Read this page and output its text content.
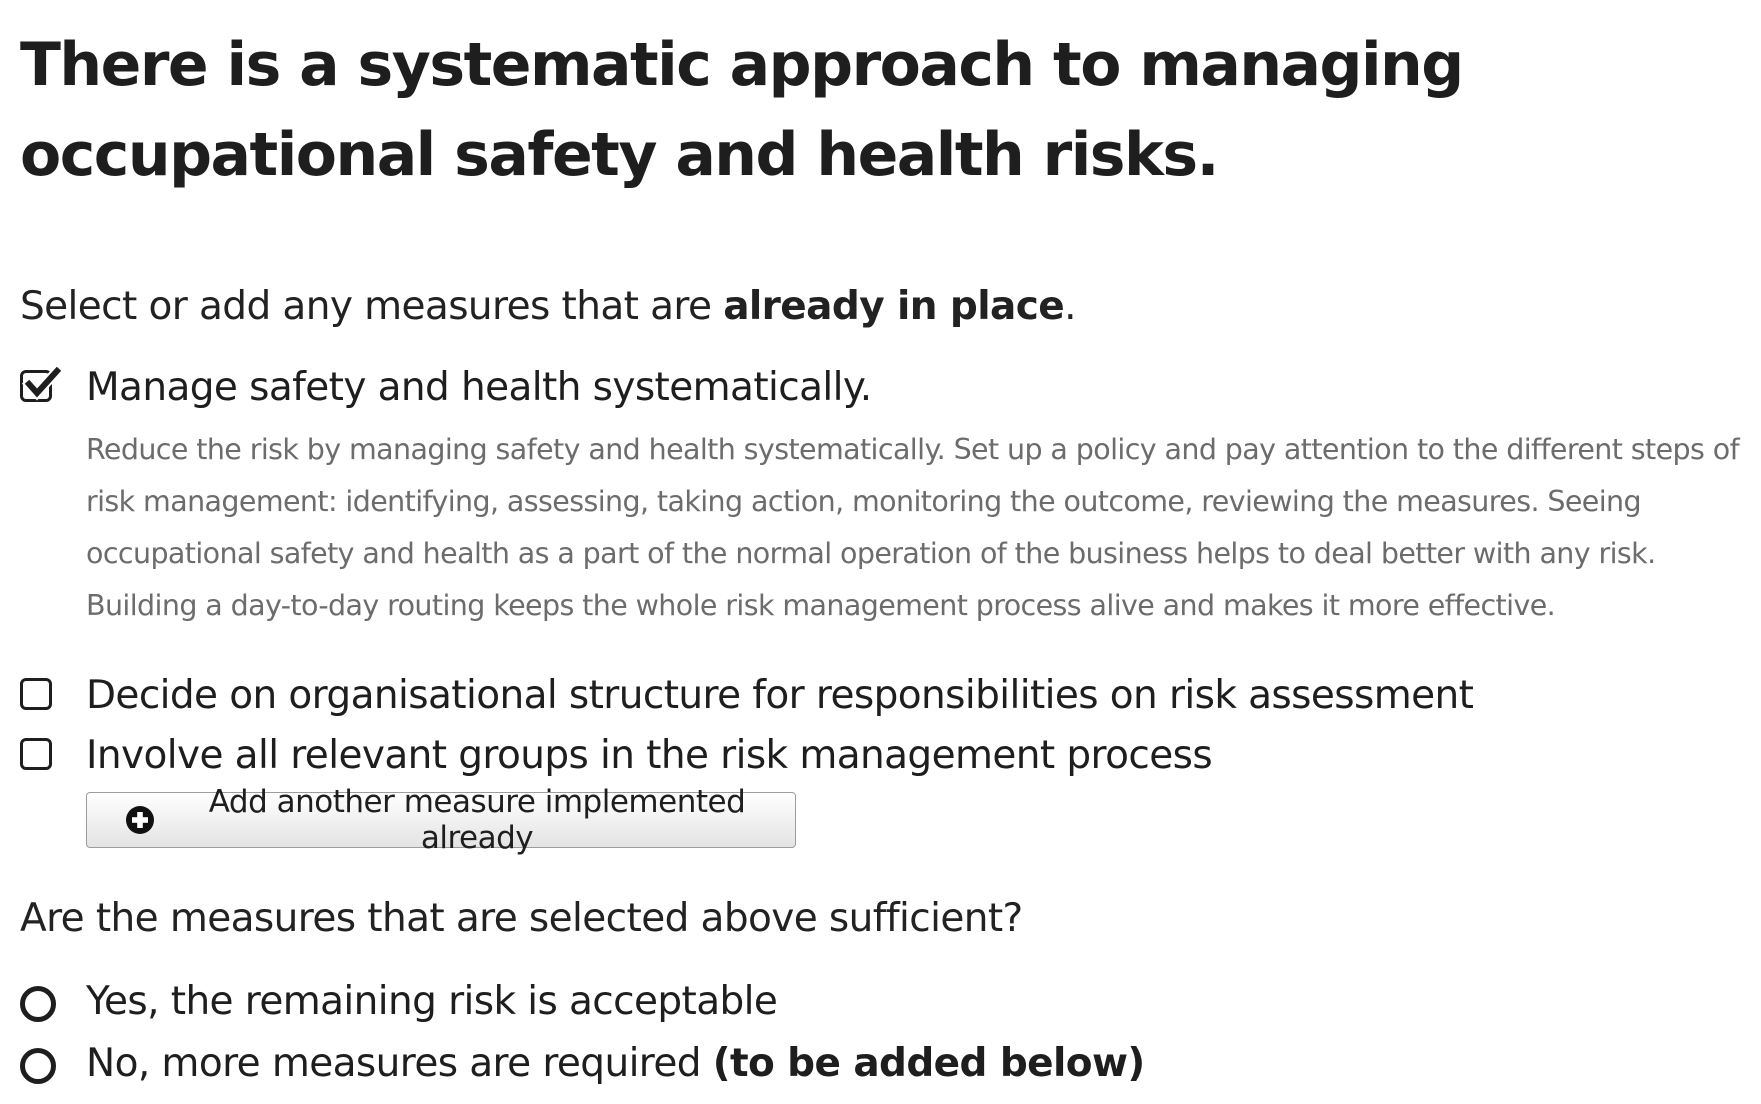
There is a systematic approach to managing occupational safety and health risks.
Select or add any measures that are already in place.
Manage safety and health systematically.
Reduce the risk by managing safety and health systematically. Set up a policy and pay attention to the different steps of risk management: identifying, assessing, taking action, monitoring the outcome, reviewing the measures. Seeing occupational safety and health as a part of the normal operation of the business helps to deal better with any risk. Building a day-to-day routing keeps the whole risk management process alive and makes it more effective.
Decide on organisational structure for responsibilities on risk assessment
Involve all relevant groups in the risk management process
Add another measure implemented already
Are the measures that are selected above sufficient?
Yes, the remaining risk is acceptable
No, more measures are required (to be added below)
